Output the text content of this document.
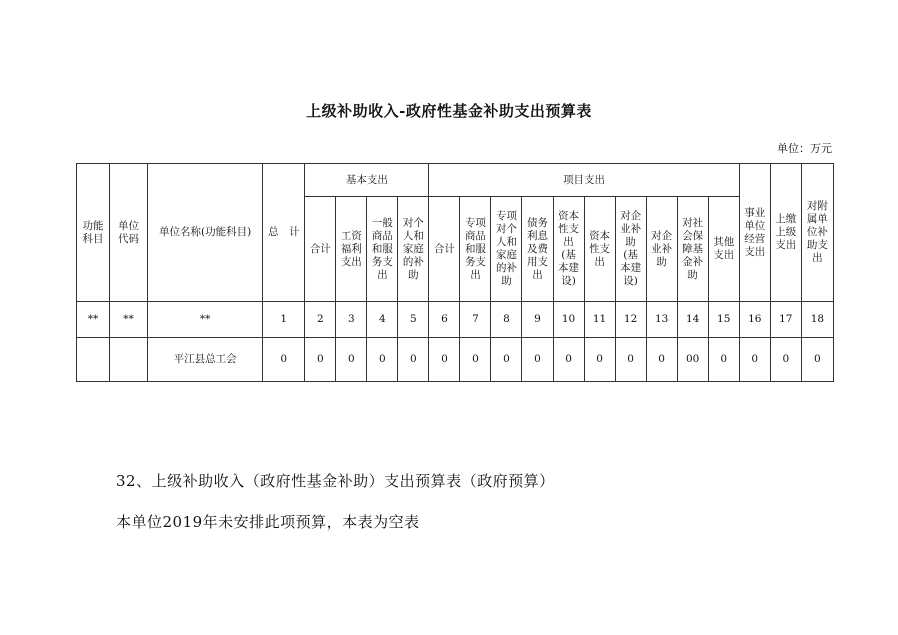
上级补助收入-政府性基金补助支出预算表
单位：万元
功能科目	单位代码	单位名称(功能科目)	总　计	基本支出				项目支出										事业单位经营支出	上缴上级支出	对附属单位补助支出
				合计	工资福利支出	一般商品和服务支出	对个人和家庭的补助	合计	专项商品和服务支出	专项对个人和家庭的补助	债务利息及费用支出	资本性支出(基本建设)	资本性支出	对企业补助(基本建设)	对企业补助	对社会保障基金补助	其他支出			
**	**	**	1	2	3	4	5	6	7	8	9	10	11	12	13	14	15	16	17	18
		平江县总工会	0	0	0	0	0	0	0	0	0	0	0	0	0	00	0	0	0	0
32、上级补助收入（政府性基金补助）支出预算表（政府预算）
本单位2019年未安排此项预算，本表为空表
